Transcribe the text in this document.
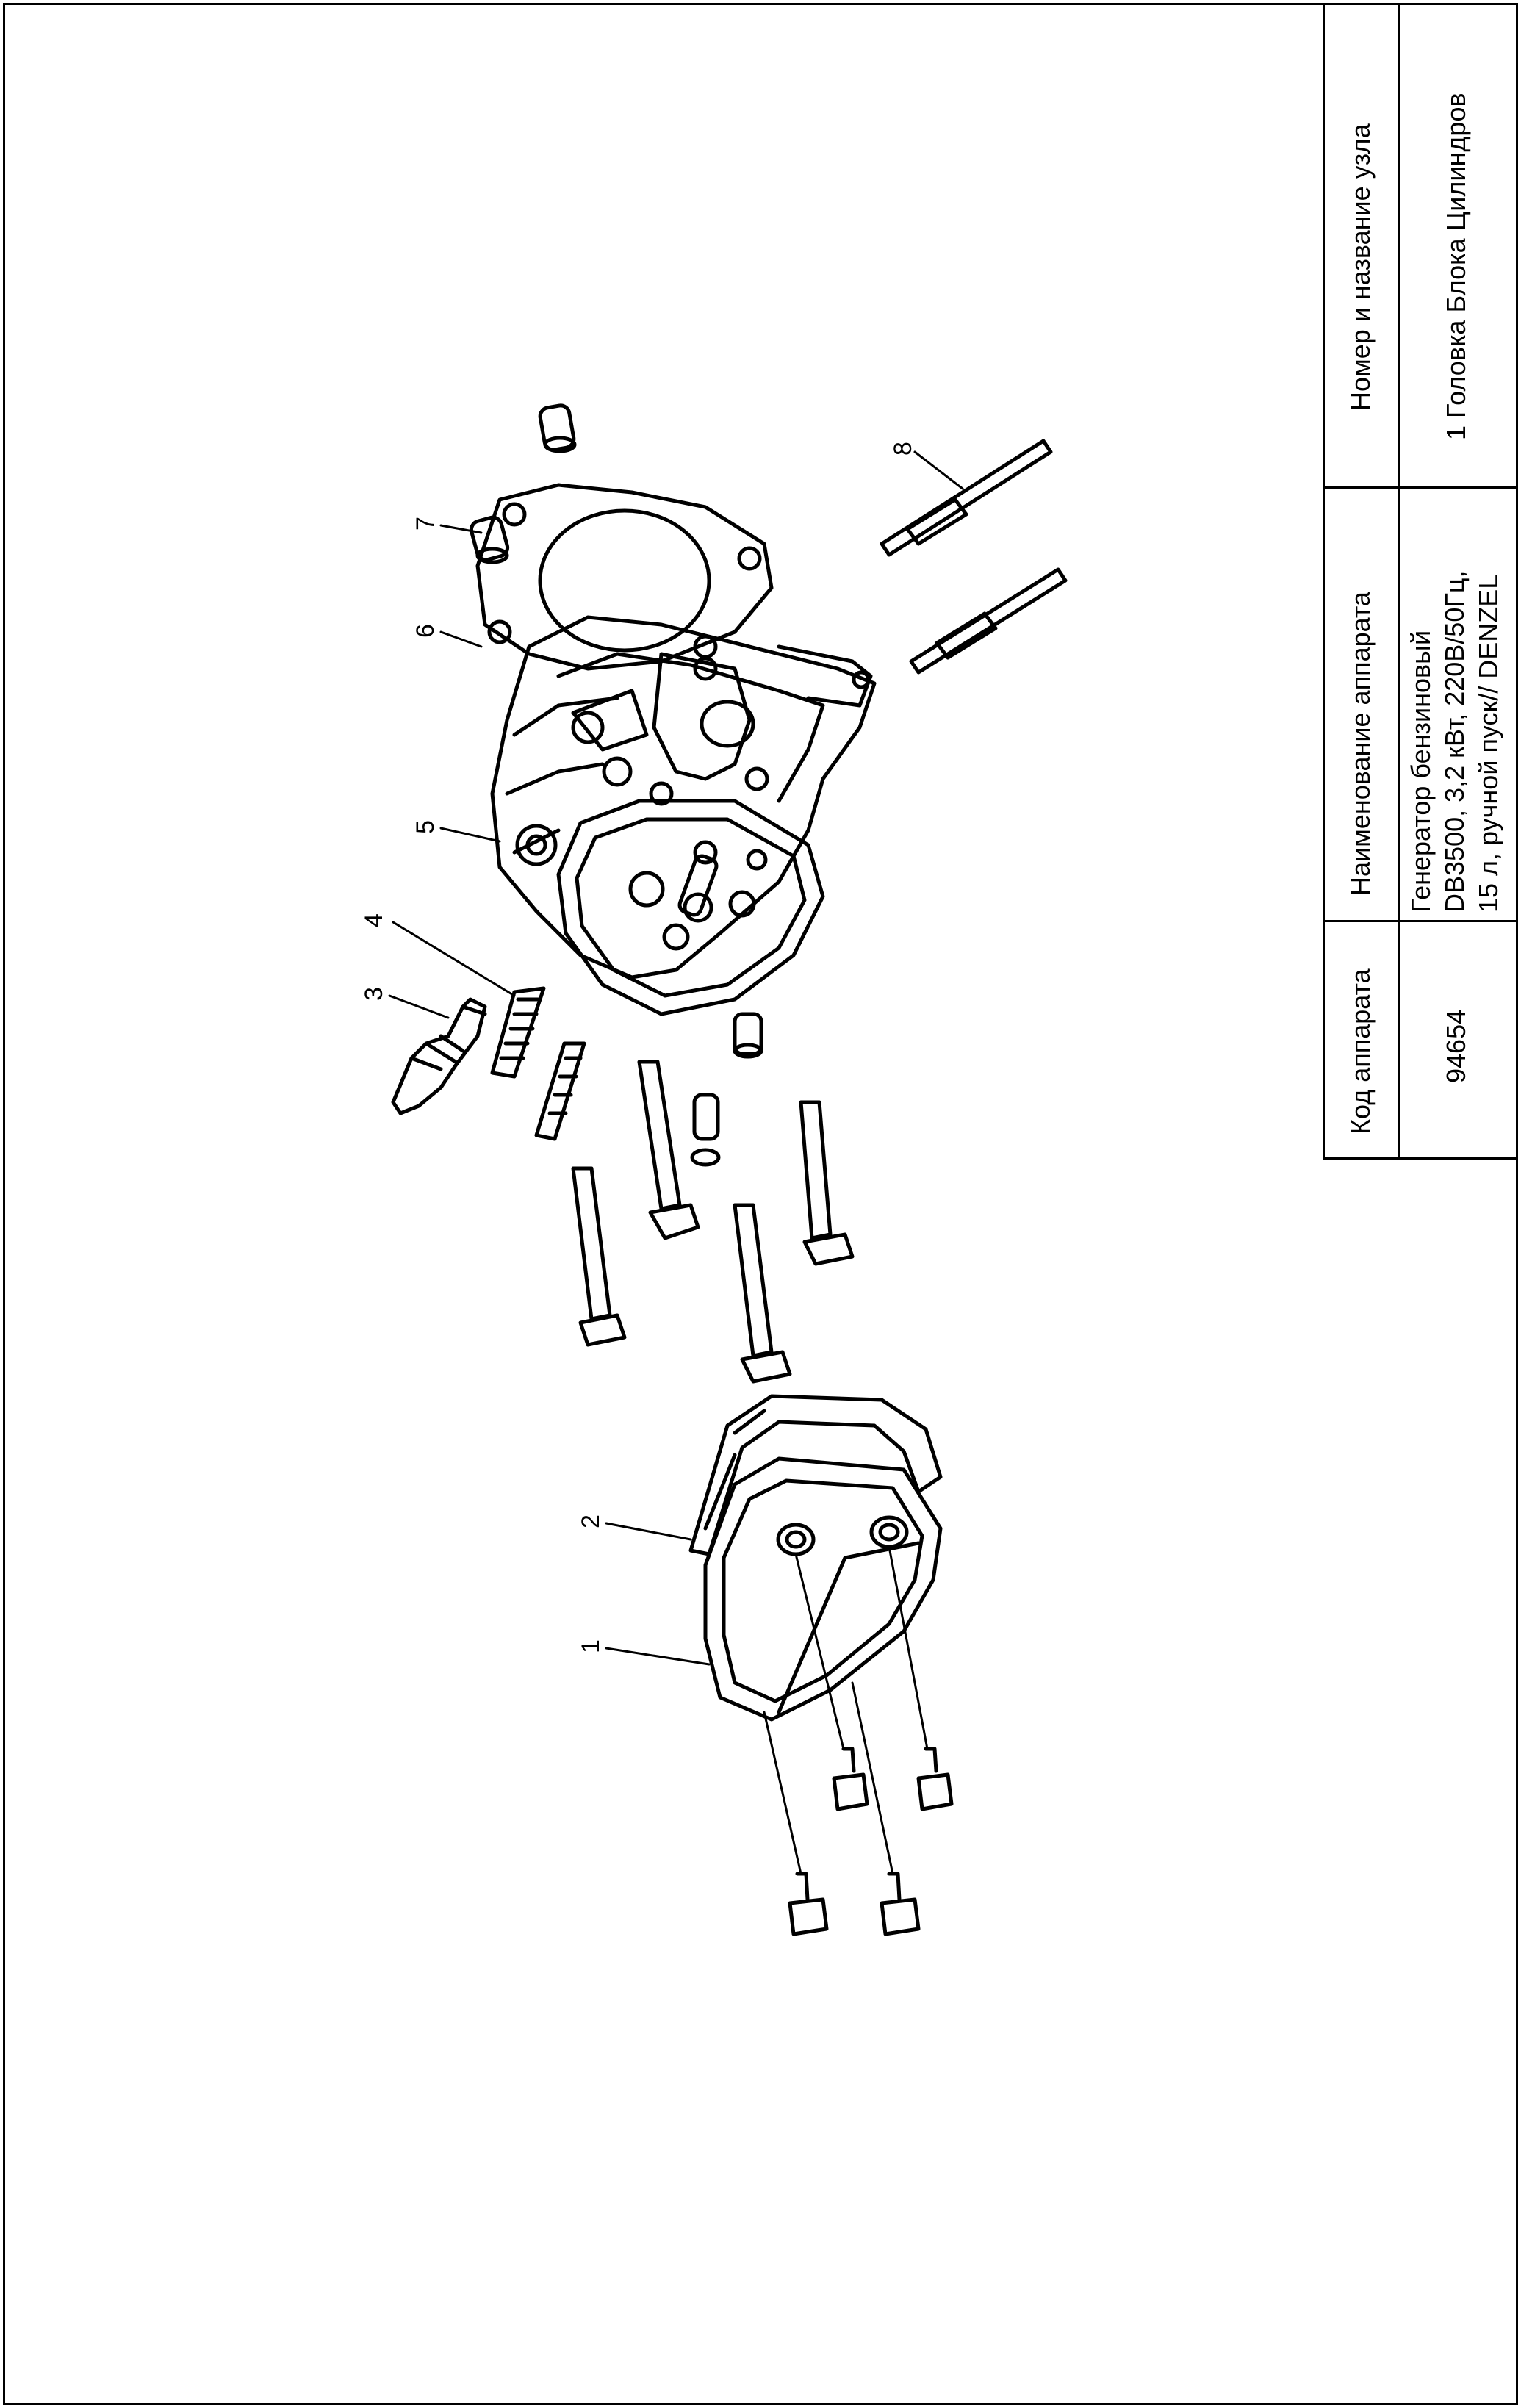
1
2
3
4
5
6
7
8
Код аппарата
Наименование аппарата
Номер и название узла
94654
Генератор бензиновый DB3500, 3,2 кВт, 220В/50Гц, 15 л, ручной пуск// DENZEL
1 Головка Блока Цилиндров
